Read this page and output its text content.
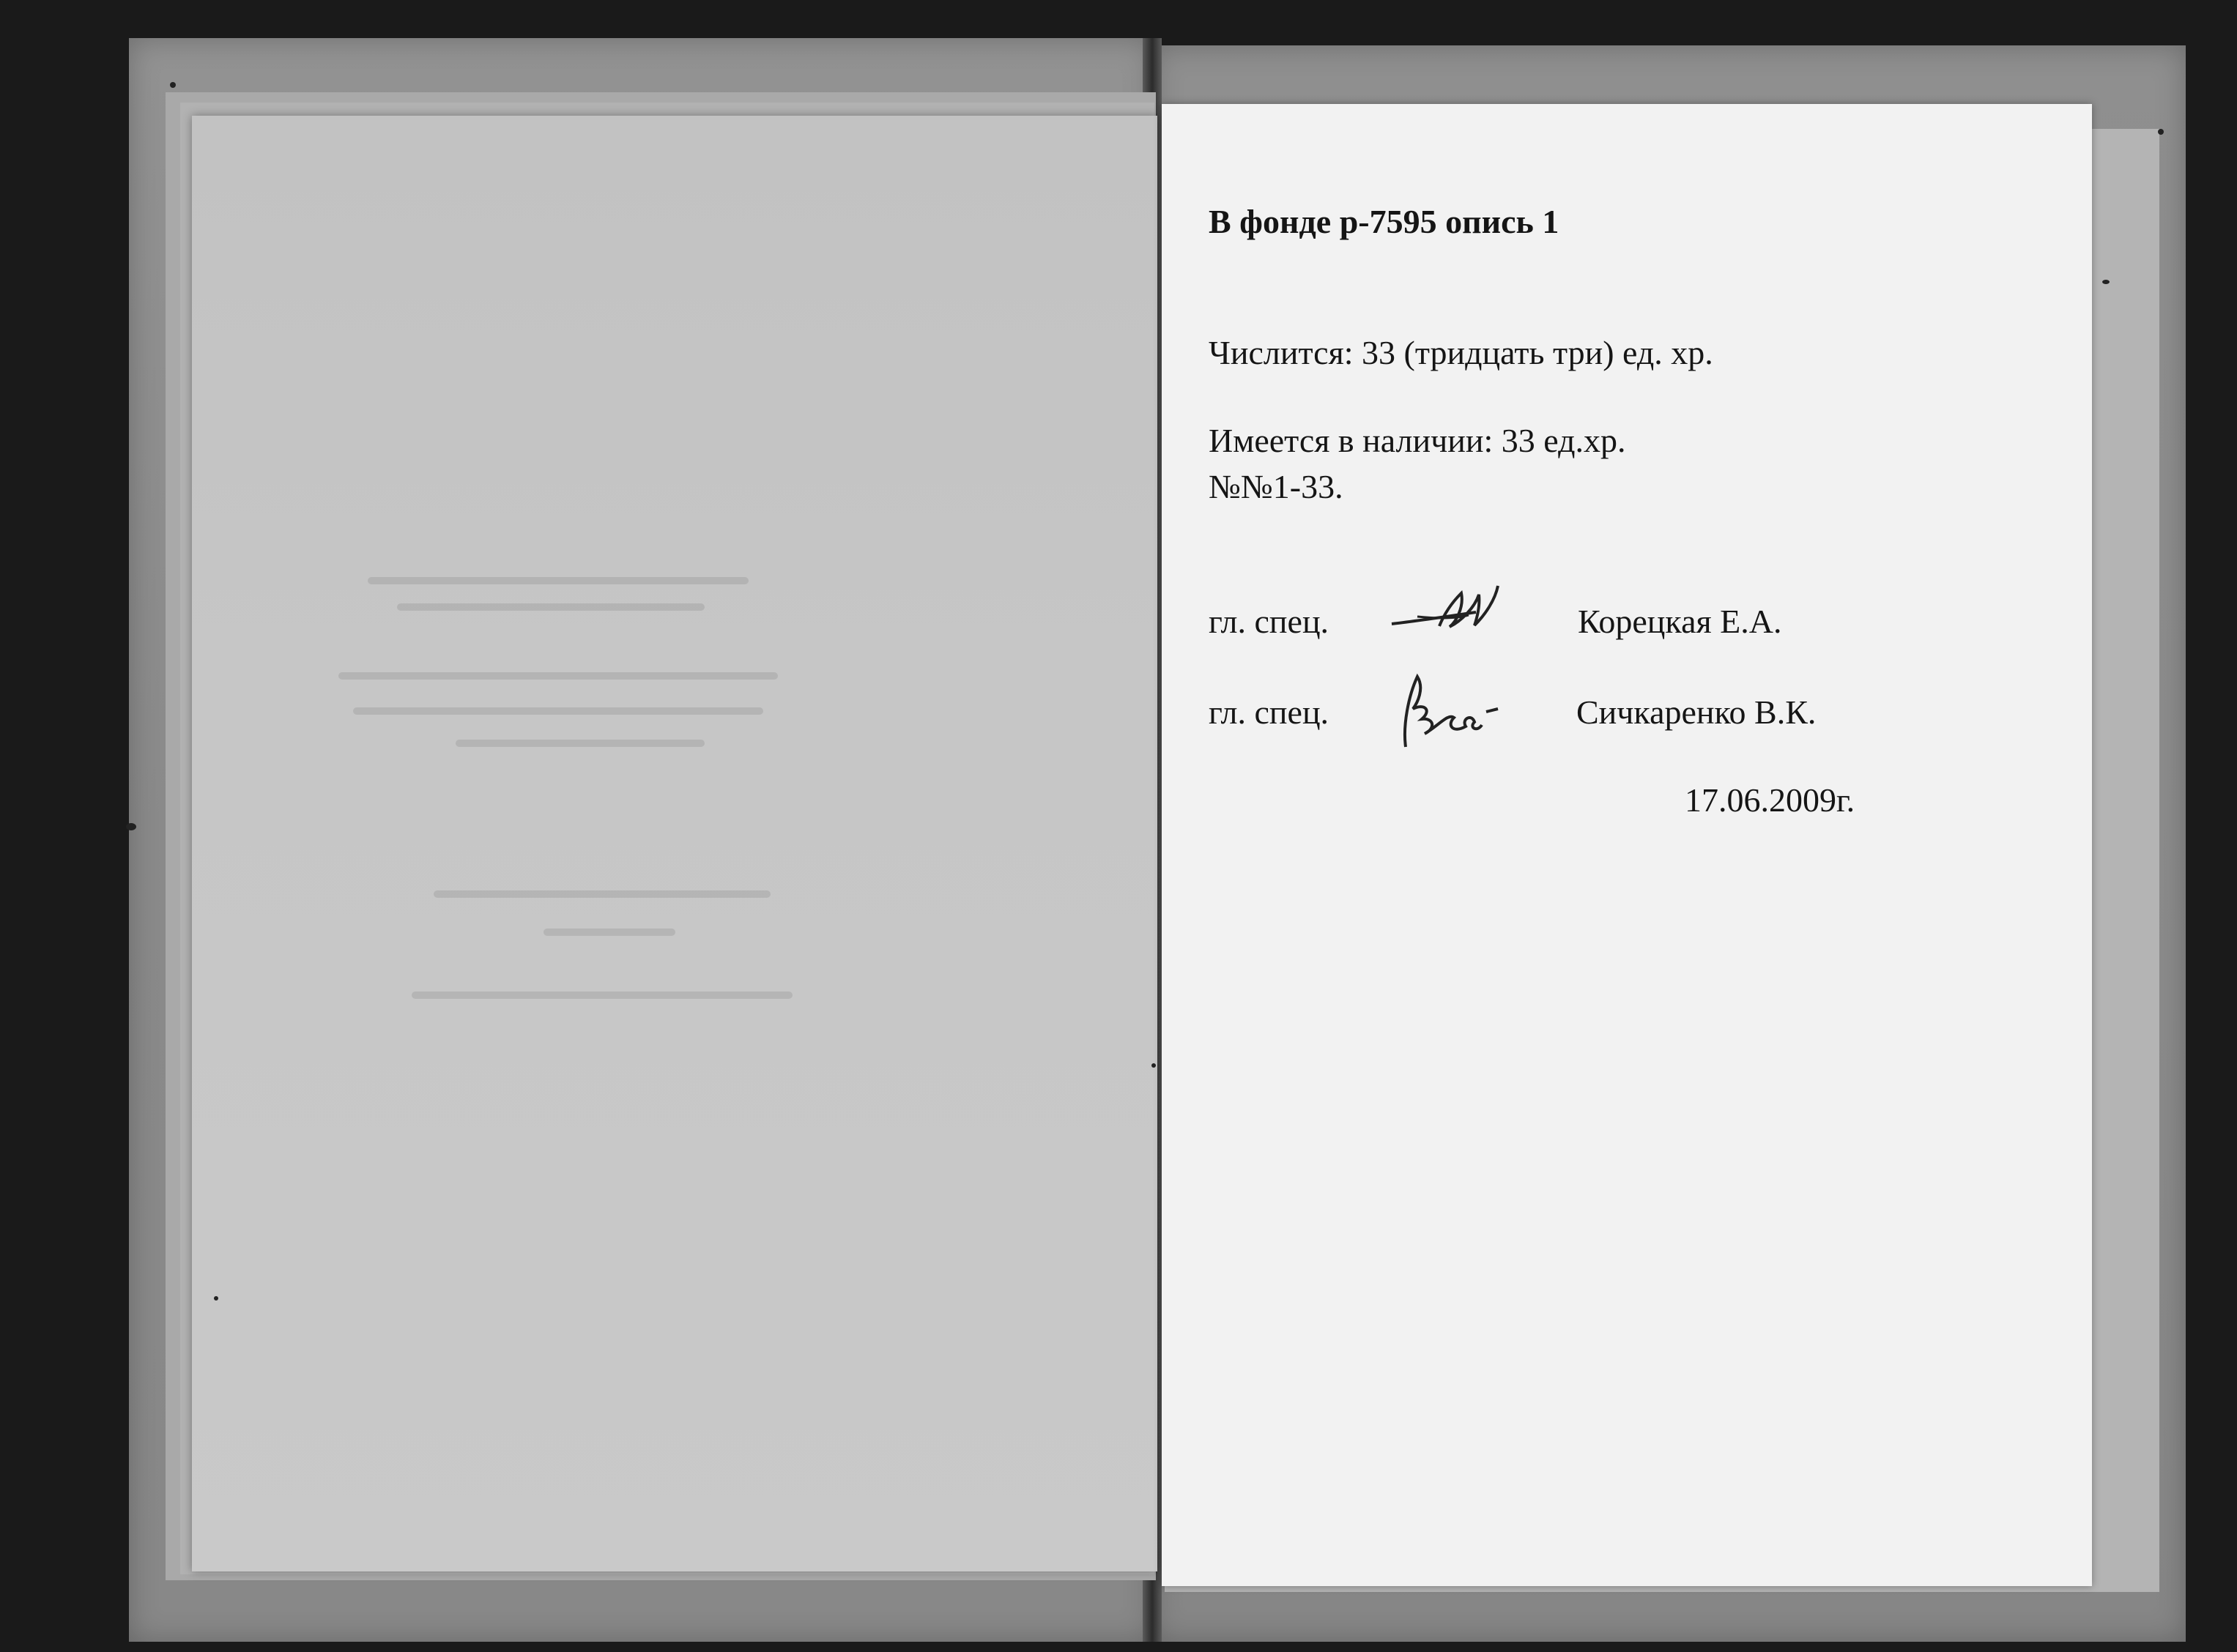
В фонде р-7595 опись 1
Числится: 33 (тридцать три) ед. хр.
Имеется в наличии: 33 ед.хр.
№№1-33.
гл. спец.	Корецкая Е.А.
гл. спец.	Сичкаренко В.К.
17.06.2009г.
